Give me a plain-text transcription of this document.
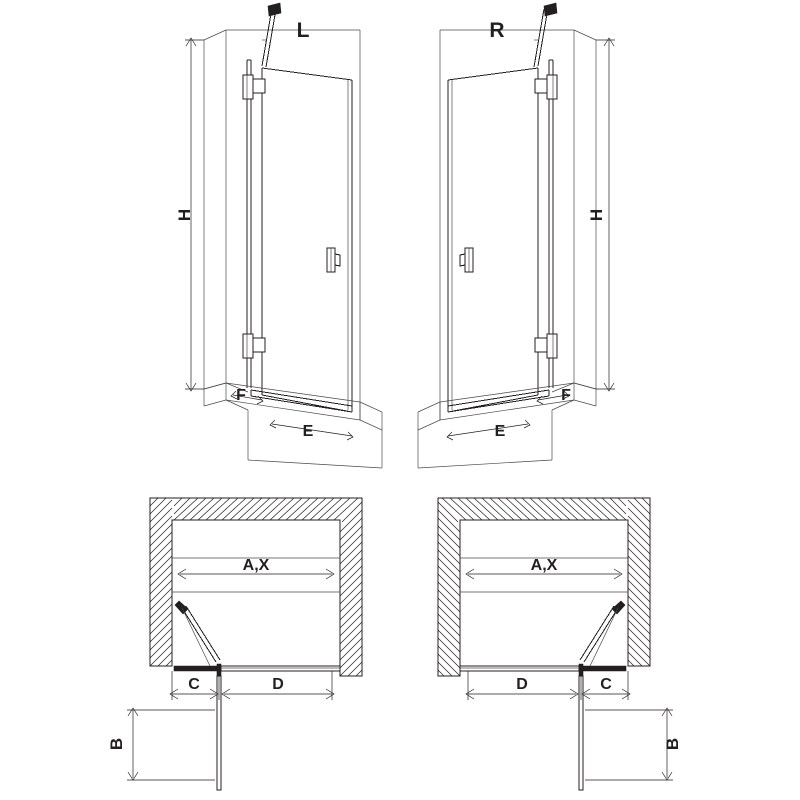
L
H
F
E
R
H
F
E
A,X
C	D
B
A,X
C
D
B
